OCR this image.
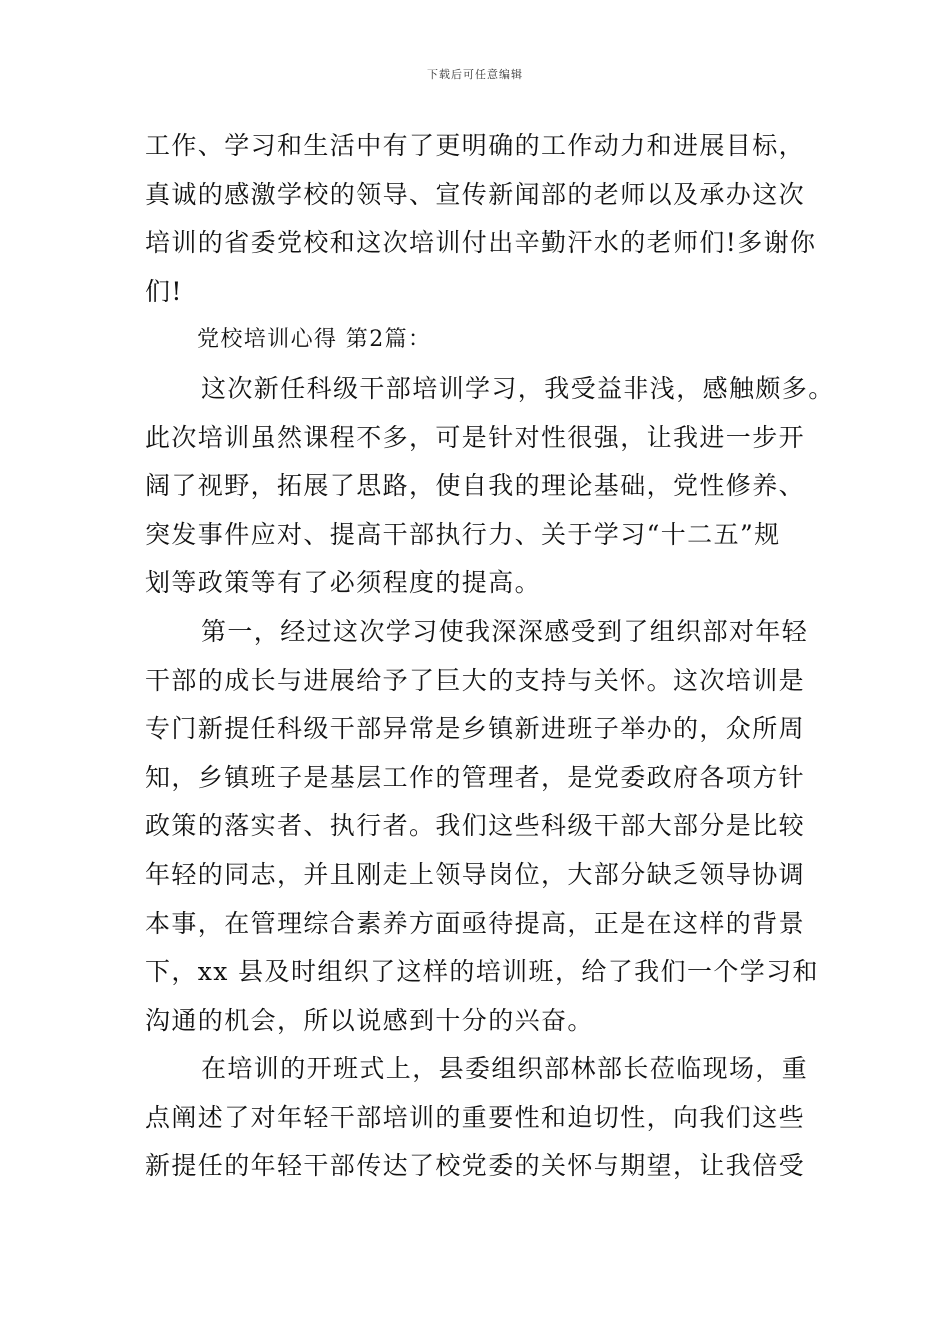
下载后可任意编辑
工作、学习和生活中有了更明确的工作动力和进展目标，
真诚的感激学校的领导、宣传新闻部的老师以及承办这次
培训的省委党校和这次培训付出辛勤汗水的老师们!多谢你
们!
党校培训心得 第2篇：
这次新任科级干部培训学习，我受益非浅，感触颇多。
此次培训虽然课程不多，可是针对性很强，让我进一步开
阔了视野，拓展了思路，使自我的理论基础，党性修养、
突发事件应对、提高干部执行力、关于学习“十二五”规
划等政策等有了必须程度的提高。
第一，经过这次学习使我深深感受到了组织部对年轻
干部的成长与进展给予了巨大的支持与关怀。这次培训是
专门新提任科级干部异常是乡镇新进班子举办的，众所周
知，乡镇班子是基层工作的管理者，是党委政府各项方针
政策的落实者、执行者。我们这些科级干部大部分是比较
年轻的同志，并且刚走上领导岗位，大部分缺乏领导协调
本事，在管理综合素养方面亟待提高，正是在这样的背景
下，xx 县及时组织了这样的培训班，给了我们一个学习和
沟通的机会，所以说感到十分的兴奋。
在培训的开班式上，县委组织部林部长莅临现场，重
点阐述了对年轻干部培训的重要性和迫切性，向我们这些
新提任的年轻干部传达了校党委的关怀与期望，让我倍受
